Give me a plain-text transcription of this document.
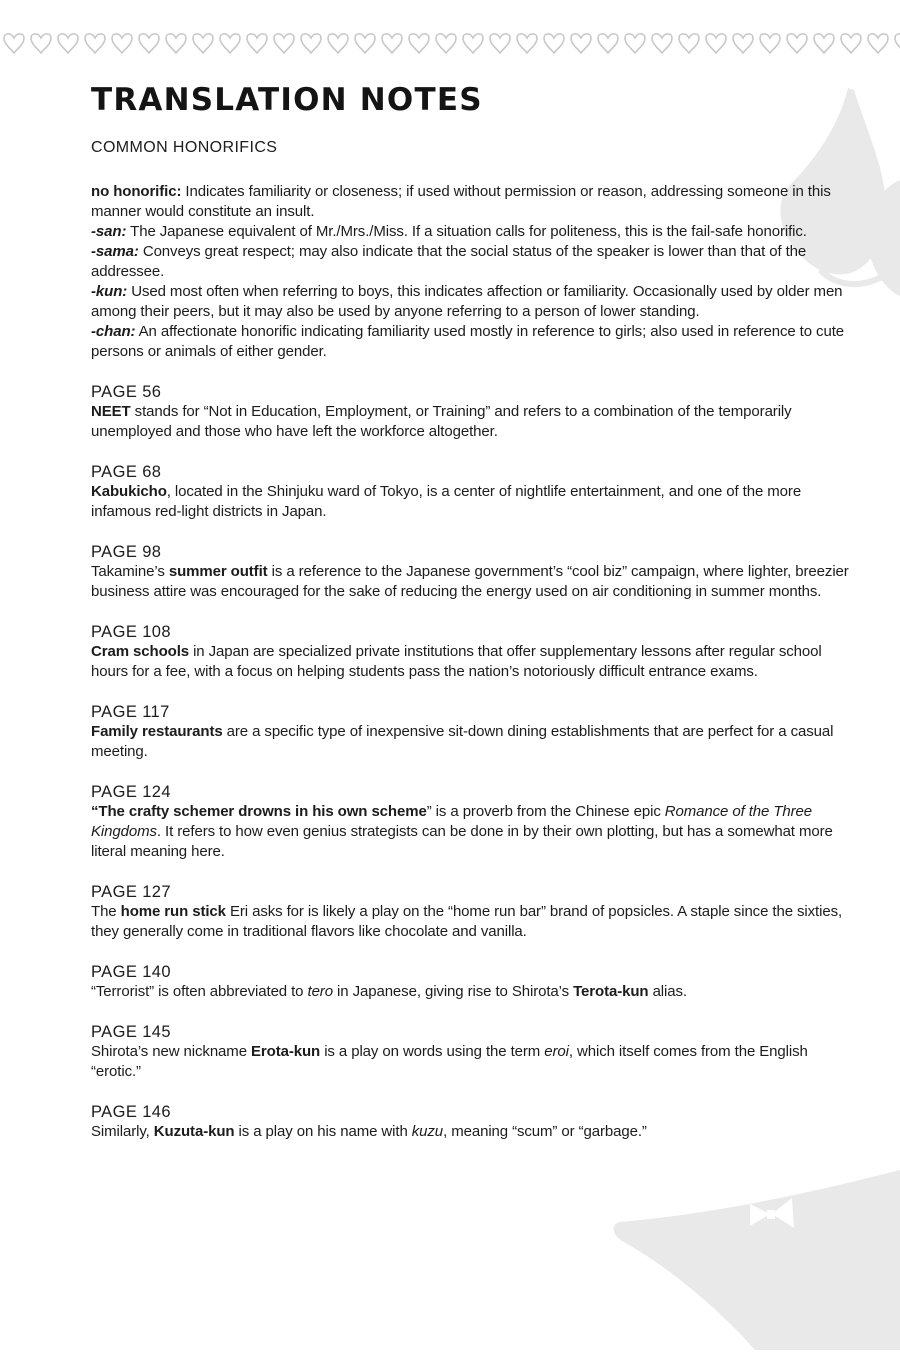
TRANSLATION NOTES
COMMON HONORIFICS

no honorific: Indicates familiarity or closeness; if used without permission or reason, addressing someone in this manner would constitute an insult.

-san: The Japanese equivalent of Mr./Mrs./Miss. If a situation calls for politeness, this is the fail-safe honorific.

-sama: Conveys great respect; may also indicate that the social status of the speaker is lower than that of the addressee.

-kun: Used most often when referring to boys, this indicates affection or familiarity. Occasionally used by older men among their peers, but it may also be used by anyone referring to a person of lower standing.

-chan: An affectionate honorific indicating familiarity used mostly in reference to girls; also used in reference to cute persons or animals of either gender.

PAGE 56

NEET stands for “Not in Education, Employment, or Training” and refers to a combination of the temporarily unemployed and those who have left the workforce altogether.

PAGE 68

Kabukicho, located in the Shinjuku ward of Tokyo, is a center of nightlife entertainment, and one of the more infamous red-light districts in Japan.

PAGE 98

Takamine’s summer outfit is a reference to the Japanese government’s “cool biz” campaign, where lighter, breezier business attire was encouraged for the sake of reducing the energy used on air conditioning in summer months.

PAGE 108

Cram schools in Japan are specialized private institutions that offer supplementary lessons after regular school hours for a fee, with a focus on helping students pass the nation’s notoriously difficult entrance exams.

PAGE 117

Family restaurants are a specific type of inexpensive sit-down dining establishments that are perfect for a casual meeting.

PAGE 124

“The crafty schemer drowns in his own scheme” is a proverb from the Chinese epic Romance of the Three Kingdoms. It refers to how even genius strategists can be done in by their own plotting, but has a somewhat more literal meaning here.

PAGE 127

The home run stick Eri asks for is likely a play on the “home run bar” brand of popsicles. A staple since the sixties, they generally come in traditional flavors like chocolate and vanilla.

PAGE 140

“Terrorist” is often abbreviated to tero in Japanese, giving rise to Shirota’s Terota-kun alias.

PAGE 145

Shirota’s new nickname Erota-kun is a play on words using the term eroi, which itself comes from the English “erotic.”

PAGE 146

Similarly, Kuzuta-kun is a play on his name with kuzu, meaning “scum” or “garbage.”
